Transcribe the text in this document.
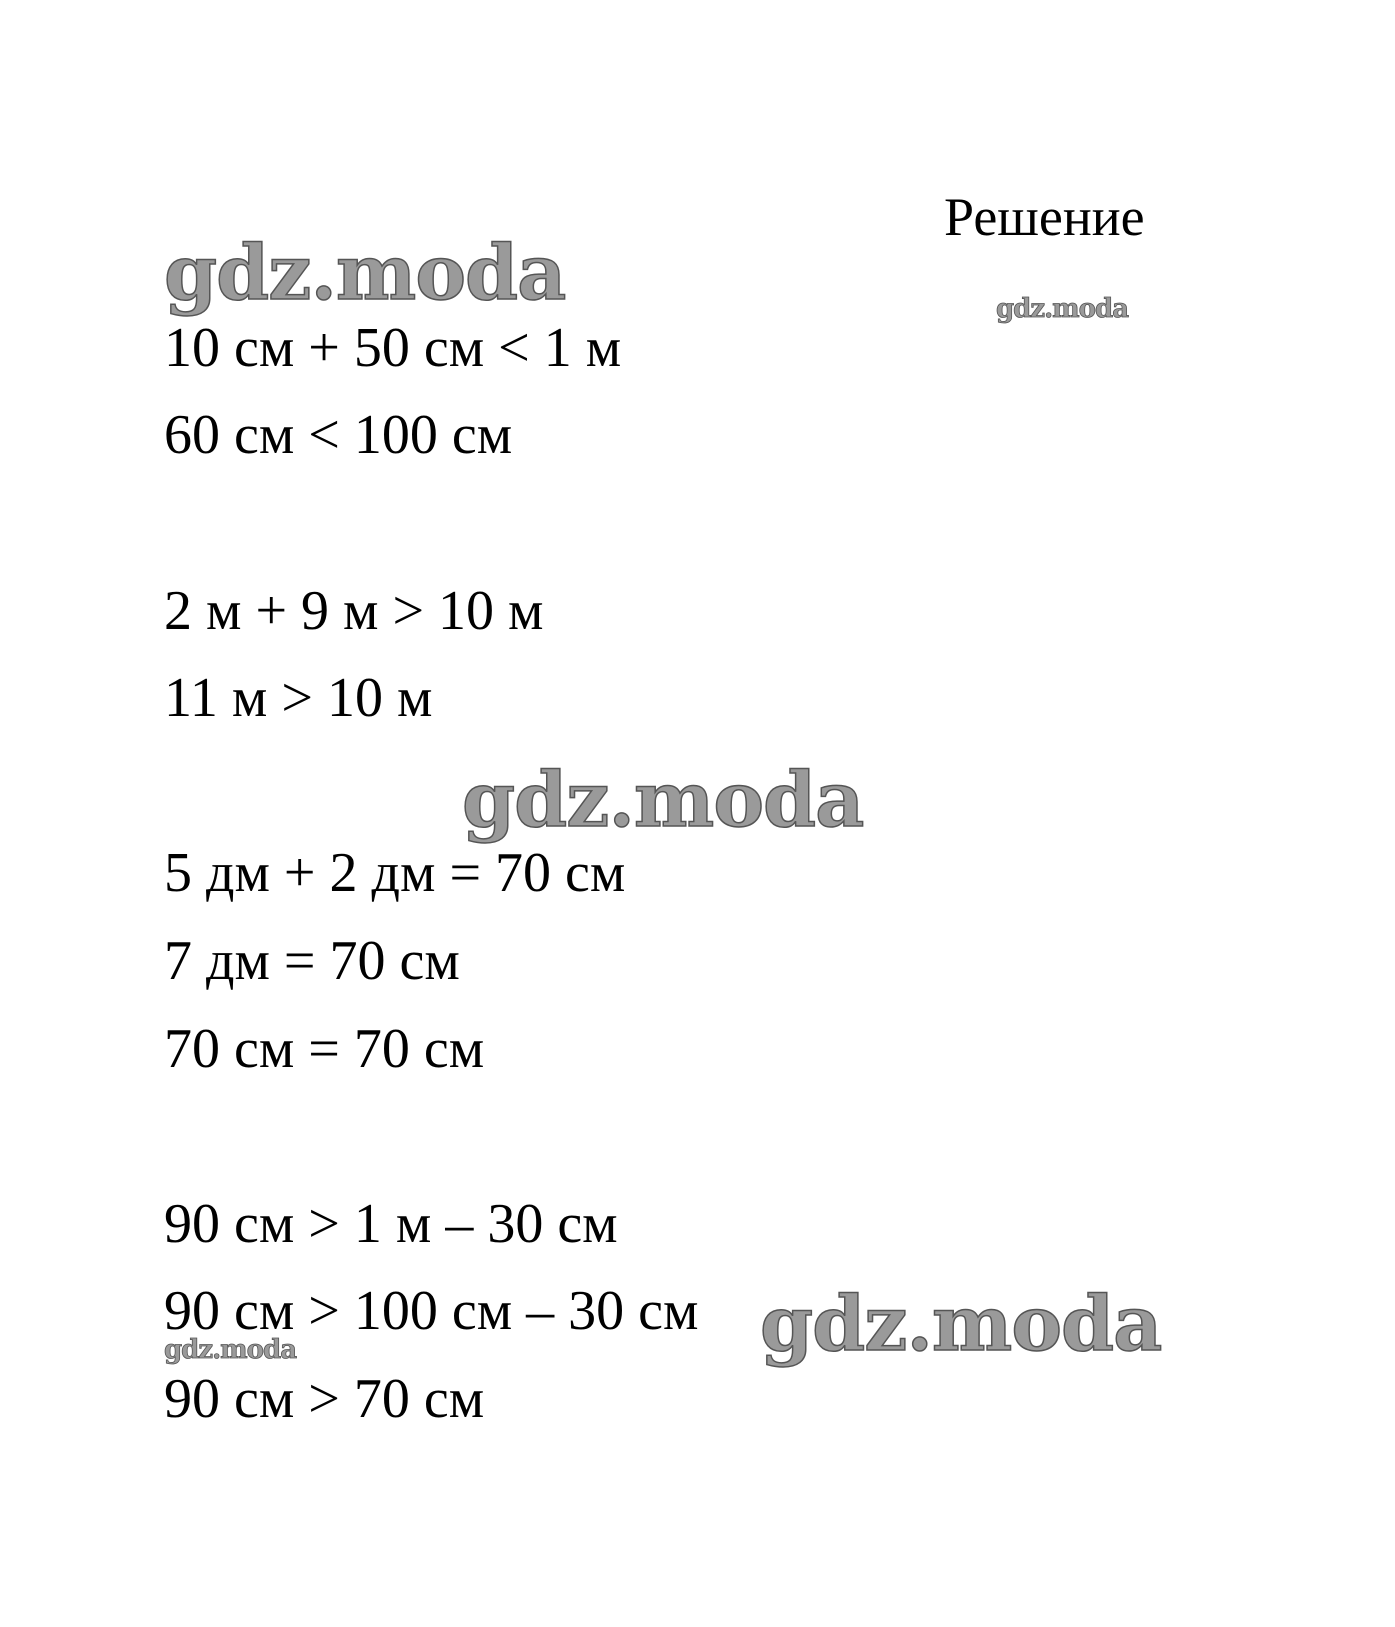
Решение
gdz.moda	gdz.moda
gdz.moda
gdz.moda
gdz.moda
10 см + 50 см < 1 м
60 см < 100 см
2 м + 9 м > 10 м
11 м > 10 м
5 дм + 2 дм = 70 см
7 дм = 70 см
70 см = 70 см
90 см > 1 м – 30 см
90 см > 100 см – 30 см
90 см > 70 см
